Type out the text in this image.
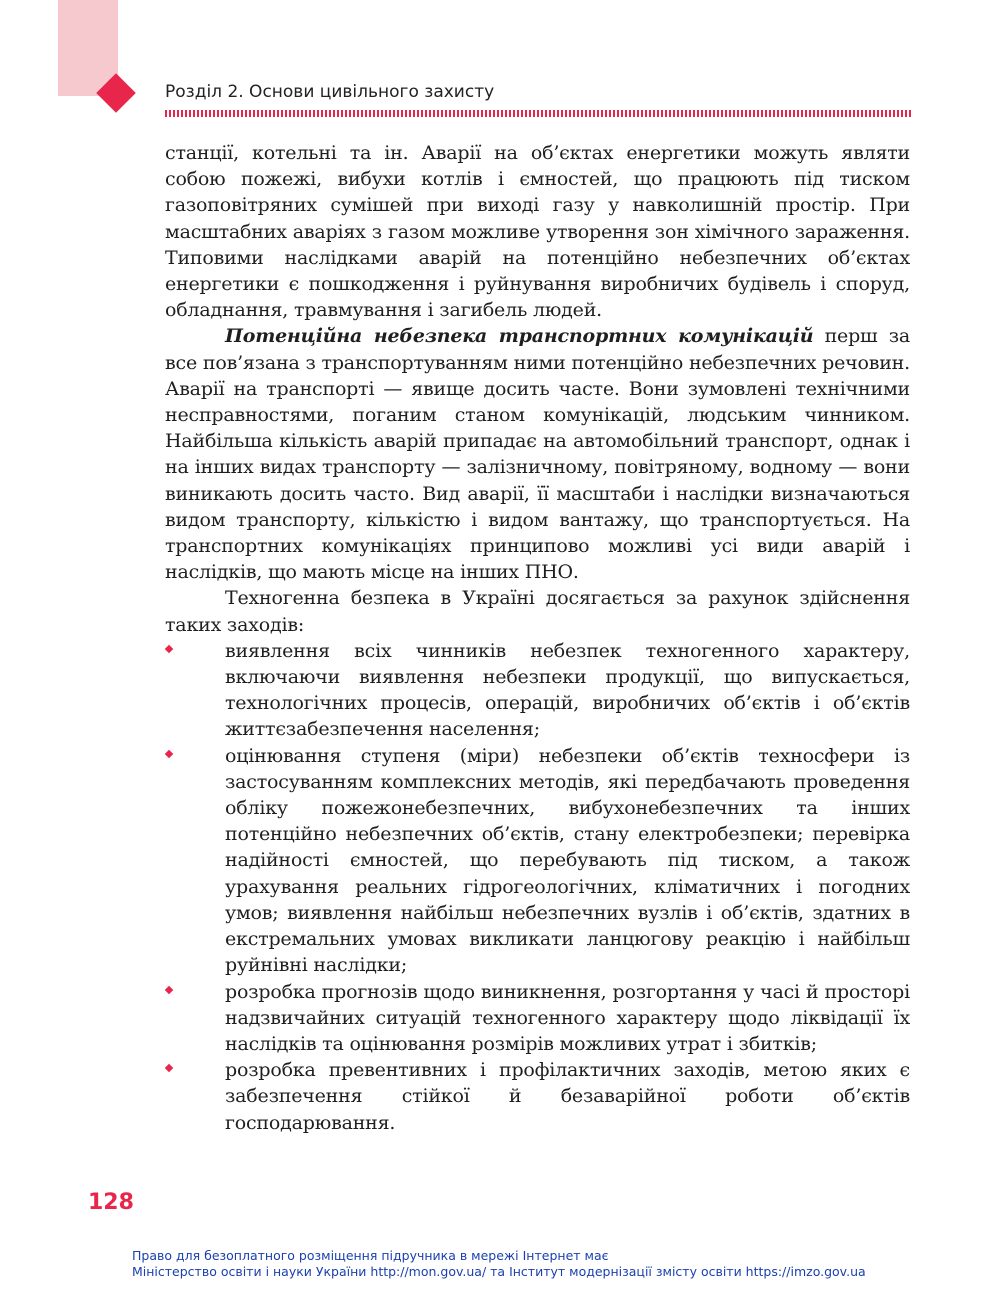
Розділ 2. Основи цивільного захисту

станції, котельні та ін. Аварії на об’єктах енергетики можуть являти собою пожежі, вибухи котлів і ємностей, що працюють під тиском газоповітряних сумішей при виході газу у навколишній простір. При масштабних аваріях з газом можливе утворення зон хімічного зараження. Типовими наслідками аварій на потенційно небезпечних об’єктах енергетики є пошкодження і руйнування виробничих будівель і споруд, обладнання, травмування і загибель людей.

Потенційна небезпека транспортних комунікацій перш за все пов’язана з транспортуванням ними потенційно небезпечних речовин. Аварії на транспорті — явище досить часте. Вони зумовлені технічними несправностями, поганим станом комунікацій, людським чинником. Найбільша кількість аварій припадає на автомобільний транспорт, однак і на інших видах транспорту — залізничному, повітряному, водному — вони виникають досить часто. Вид аварії, її масштаби і наслідки визначаються видом транспорту, кількістю і видом вантажу, що транспортується. На транспортних комунікаціях принципово можливі усі види аварій і наслідків, що мають місце на інших ПНО.

Техногенна безпека в Україні досягається за рахунок здійснення таких заходів:

виявлення всіх чинників небезпек техногенного характеру, включаючи виявлення небезпеки продукції, що випускається, технологічних процесів, операцій, виробничих об’єктів і об’єктів життєзабезпечення населення;
оцінювання ступеня (міри) небезпеки об’єктів техносфери із застосуванням комплексних методів, які передбачають проведення обліку пожежонебезпечних, вибухонебезпечних та інших потенційно небезпечних об’єктів, стану електробезпеки; перевірка надійності ємностей, що перебувають під тиском, а також урахування реальних гідрогеологічних, кліматичних і погодних умов; виявлення найбільш небезпечних вузлів і об’єктів, здатних в екстремальних умовах викликати ланцюгову реакцію і найбільш руйнівні наслідки;
розробка прогнозів щодо виникнення, розгортання у часі й просторі надзвичайних ситуацій техногенного характеру щодо ліквідації їх наслідків та оцінювання розмірів можливих утрат і збитків;
розробка превентивних і профілактичних заходів, метою яких є забезпечення стійкої й безаварійної роботи об’єктів господарювання.
128
Право для безоплатного розміщення підручника в мережі Інтернет має
Міністерство освіти і науки України http://mon.gov.ua/ та Інститут модернізації змісту освіти https://imzo.gov.ua
